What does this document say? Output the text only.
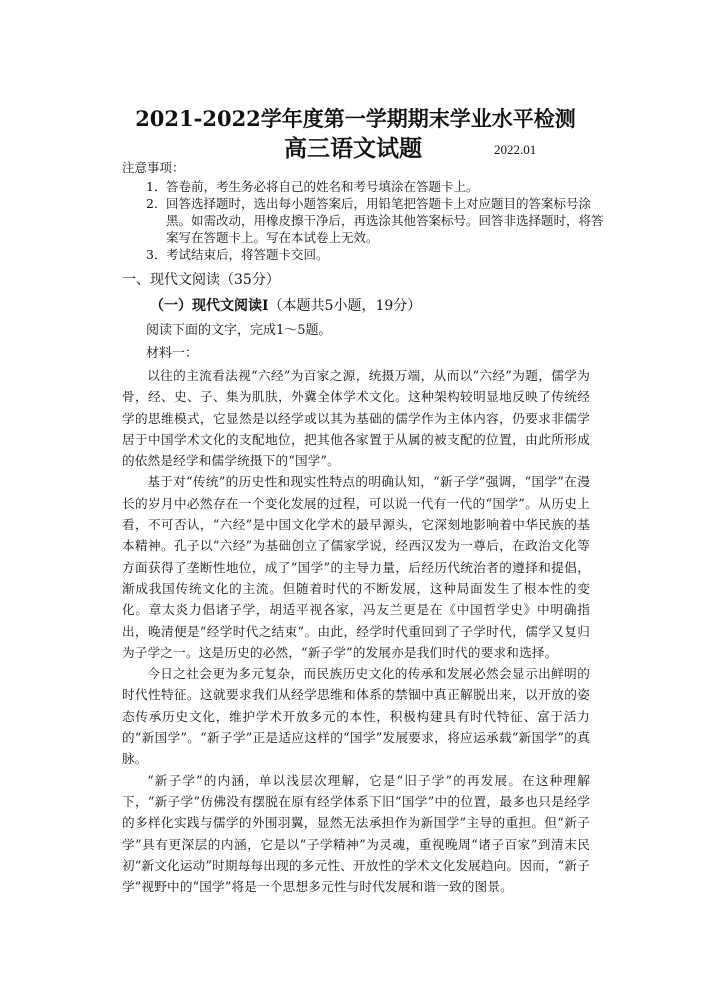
2021-2022学年度第一学期期末学业水平检测
高三语文试题	2022.01
注意事项：
1． 答卷前，考生务必将自己的姓名和考号填涂在答题卡上。
2． 回答选择题时，选出每小题答案后，用铅笔把答题卡上对应题目的答案标号涂黑。如需改动，用橡皮擦干净后，再选涂其他答案标号。回答非选择题时，将答案写在答题卡上。写在本试卷上无效。
3． 考试结束后，将答题卡交回。
一、现代文阅读（35分）
（一）现代文阅读Ⅰ（本题共5小题，19分）
阅读下面的文字，完成1～5题。
材料一：

以往的主流看法视“六经”为百家之源，统摄万端，从而以“六经”为题，儒学为骨，经、史、子、集为肌肤，外冀全体学术文化。这种架构较明显地反映了传统经学的思维模式，它显然是以经学或以其为基础的儒学作为主体内容，仍要求非儒学居于中国学术文化的支配地位，把其他各家置于从属的被支配的位置，由此所形成的依然是经学和儒学统摄下的“国学”。

基于对“传统”的历史性和现实性特点的明确认知，“新子学”强调，“国学”在漫长的岁月中必然存在一个变化发展的过程，可以说一代有一代的“国学”。从历史上看，不可否认，“六经”是中国文化学术的最早源头，它深刻地影响着中华民族的基本精神。孔子以“六经”为基础创立了儒家学说，经西汉发为一尊后，在政治文化等方面获得了垄断性地位，成了“国学”的主导力量，后经历代统治者的遵择和提倡，渐成我国传统文化的主流。但随着时代的不断发展，这种局面发生了根本性的变化。章太炎力倡诸子学，胡适平视各家，冯友兰更是在《中国哲学史》中明确指出，晚清便是“经学时代之结束”。由此，经学时代重回到了子学时代，儒学又复归为子学之一。这是历史的必然，“新子学”的发展亦是我们时代的要求和选择。

今日之社会更为多元复杂，而民族历史文化的传承和发展必然会显示出鲜明的时代性特征。这就要求我们从经学思维和体系的禁锢中真正解脱出来，以开放的姿态传承历史文化，维护学术开放多元的本性，积极构建具有时代特征、富于活力的“新国学”。“新子学”正是适应这样的“国学”发展要求，将应运承载“新国学”的真脉。

“新子学”的内涵，单以浅层次理解，它是“旧子学”的再发展。在这种理解下，“新子学”仿佛没有摆脱在原有经学体系下旧“国学”中的位置，最多也只是经学的多样化实践与儒学的外围羽翼，显然无法承担作为新国学”主导的重担。但“新子学”具有更深层的内涵，它是以“子学精神”为灵魂，重视晚周“诸子百家”到清末民初“新文化运动”时期每每出现的多元性、开放性的学术文化发展趋向。因而，“新子学”视野中的“国学”将是一个思想多元性与时代发展和谐一致的图景。
